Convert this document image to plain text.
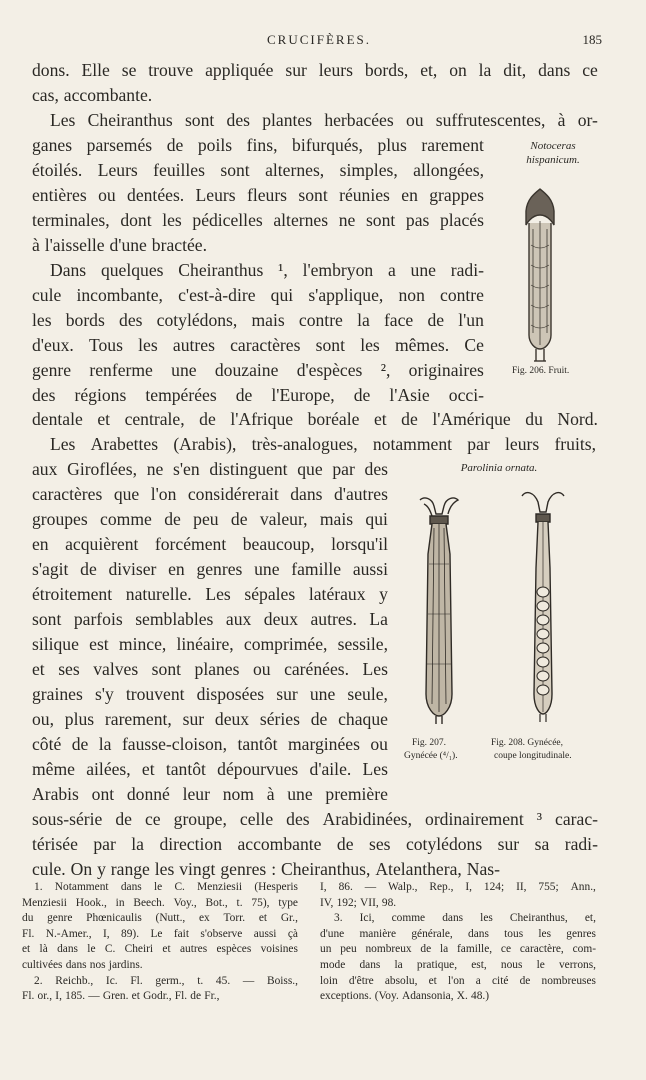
CRUCIFÈRES.	185
dons. Elle se trouve appliquée sur leurs bords, et, on la dit, dans ce
cas, accombante.
Les Cheiranthus sont des plantes herbacées ou suffrutescentes, à or-
ganes parsemés de poils fins, bifurqués, plus rarement
étoilés. Leurs feuilles sont alternes, simples, allongées,
entières ou dentées. Leurs fleurs sont réunies en grappes
terminales, dont les pédicelles alternes ne sont pas placés
à l'aisselle d'une bractée.
Dans quelques Cheiranthus ¹, l'embryon a une radi-
cule incombante, c'est-à-dire qui s'applique, non contre
les bords des cotylédons, mais contre la face de l'un
d'eux. Tous les autres caractères sont les mêmes. Ce
genre renferme une douzaine d'espèces ², originaires
des régions tempérées de l'Europe, de l'Asie occi-
dentale et centrale, de l'Afrique boréale et de l'Amérique du Nord.
Les Arabettes (Arabis), très-analogues, notamment par leurs fruits,
aux Giroflées, ne s'en distinguent que par des
caractères que l'on considérerait dans d'autres
groupes comme de peu de valeur, mais qui
en acquièrent forcément beaucoup, lorsqu'il
s'agit de diviser en genres une famille aussi
étroitement naturelle. Les sépales latéraux y
sont parfois semblables aux deux autres. La
silique est mince, linéaire, comprimée, sessile,
et ses valves sont planes ou carénées. Les
graines s'y trouvent disposées sur une seule,
ou, plus rarement, sur deux séries de chaque
côté de la fausse-cloison, tantôt marginées ou
même ailées, et tantôt dépourvues d'aile. Les
Arabis ont donné leur nom à une première
sous-série de ce groupe, celle des Arabidinées, ordinairement ³ carac-
térisée par la direction accombante de ses cotylédons sur sa radi-
cule. On y range les vingt genres : Cheiranthus, Atelanthera, Nas-
Notoceras
hispanicum.
Fig. 206. Fruit.
Parolinia ornata.
Fig. 207.
Gynécée (⁴/₁).
Fig. 208. Gynécée,
coupe longitudinale.
1. Notamment dans le C. Menziesii (Hesperis
Menziesii Hook., in Beech. Voy., Bot., t. 75), type
du genre Phœnicaulis (Nutt., ex Torr. et Gr.,
Fl. N.-Amer., I, 89). Le fait s'observe aussi çà
et là dans le C. Cheiri et autres espèces voisines
cultivées dans nos jardins.
2. Reichb., Ic. Fl. germ., t. 45. — Boiss.,
Fl. or., I, 185. — Gren. et Godr., Fl. de Fr.,
I, 86. — Walp., Rep., I, 124; II, 755; Ann.,
IV, 192; VII, 98.
3. Ici, comme dans les Cheiranthus, et,
d'une manière générale, dans tous les genres
un peu nombreux de la famille, ce caractère, com-
mode dans la pratique, est, nous le verrons,
loin d'être absolu, et l'on a cité de nombreuses
exceptions. (Voy. Adansonia, X. 48.)
